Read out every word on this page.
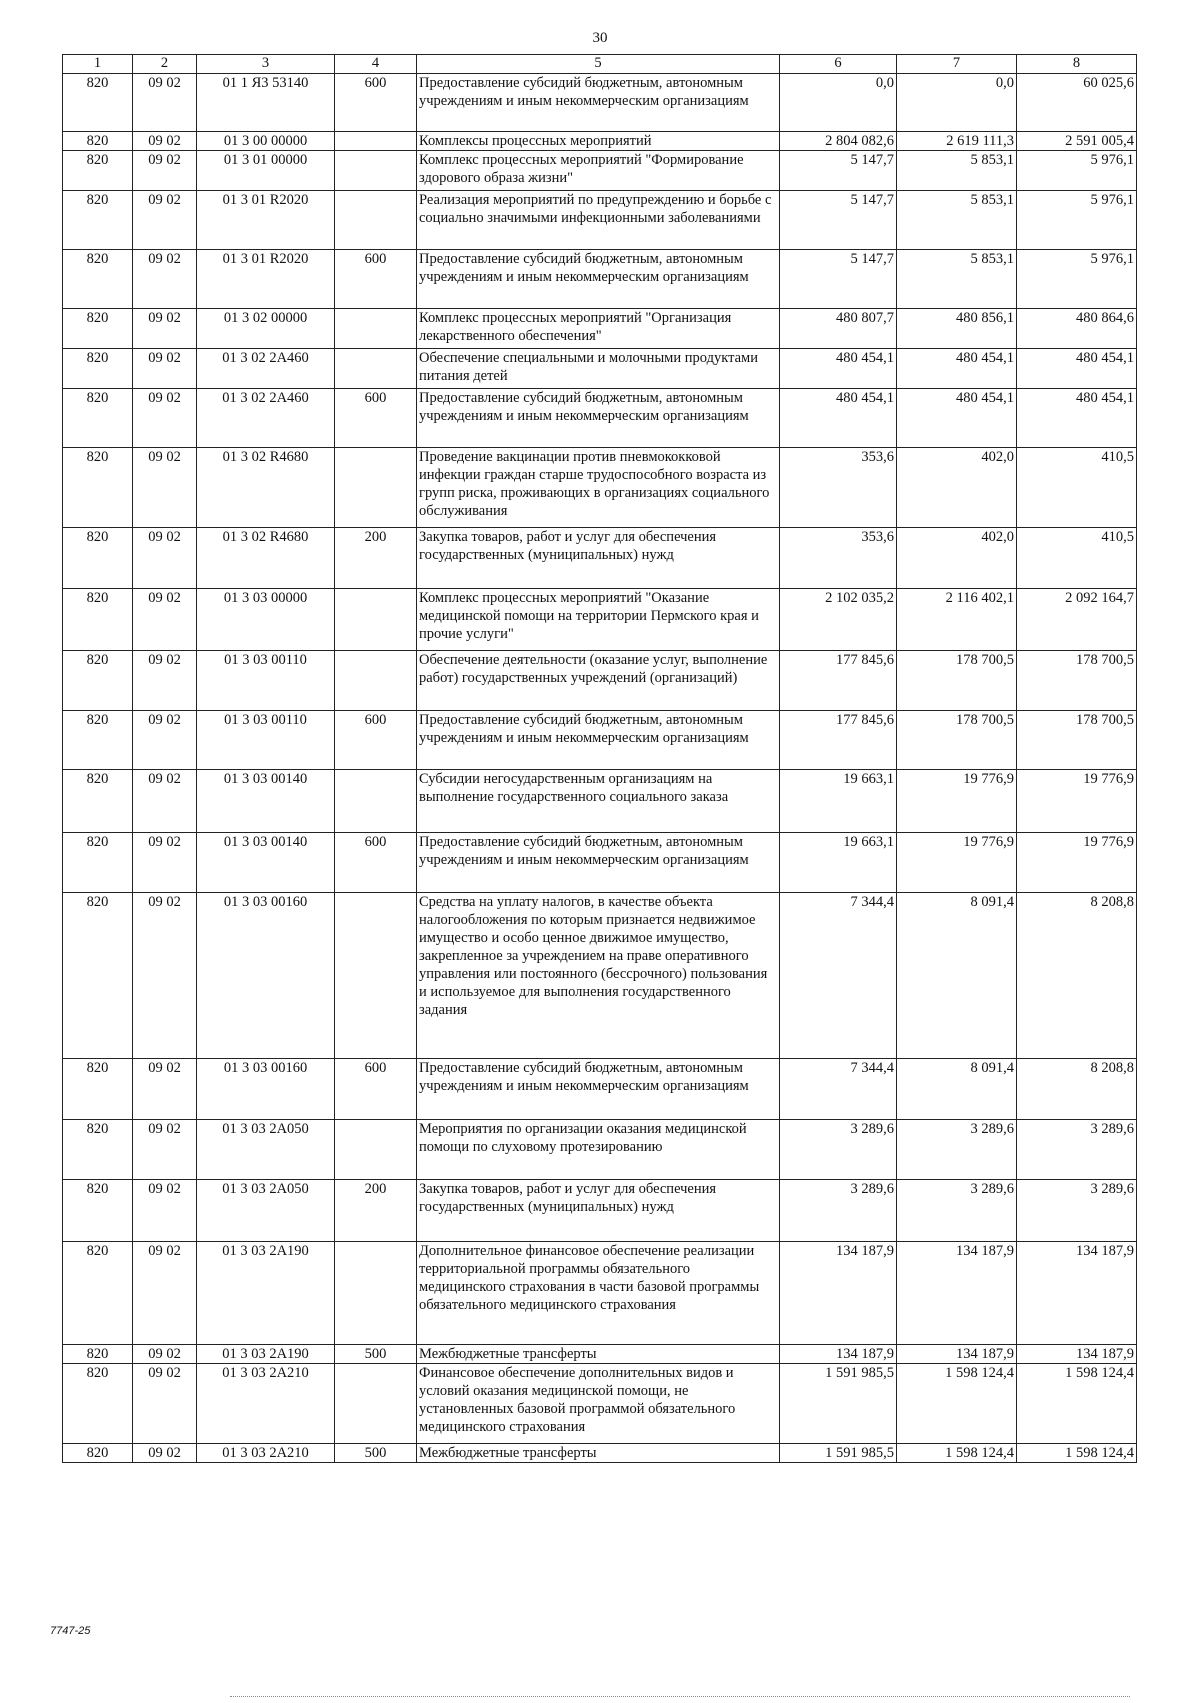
30
1	2	3	4	5	6	7	8
820	09 02	01 1 Я3 53140	600	Предоставление субсидий бюджетным, автономным учреждениям и иным некоммерческим организациям	0,0	0,0	60 025,6
820	09 02	01 3 00 00000		Комплексы процессных мероприятий	2 804 082,6	2 619 111,3	2 591 005,4
820	09 02	01 3 01 00000		Комплекс процессных мероприятий "Формирование здорового образа жизни"	5 147,7	5 853,1	5 976,1
820	09 02	01 3 01 R2020		Реализация мероприятий по предупреждению и борьбе с социально значимыми инфекционными заболеваниями	5 147,7	5 853,1	5 976,1
820	09 02	01 3 01 R2020	600	Предоставление субсидий бюджетным, автономным учреждениям и иным некоммерческим организациям	5 147,7	5 853,1	5 976,1
820	09 02	01 3 02 00000		Комплекс процессных мероприятий "Организация лекарственного обеспечения"	480 807,7	480 856,1	480 864,6
820	09 02	01 3 02 2А460		Обеспечение специальными и молочными продуктами питания детей	480 454,1	480 454,1	480 454,1
820	09 02	01 3 02 2А460	600	Предоставление субсидий бюджетным, автономным учреждениям и иным некоммерческим организациям	480 454,1	480 454,1	480 454,1
820	09 02	01 3 02 R4680		Проведение вакцинации против пневмококковой инфекции граждан старше трудоспособного возраста из групп риска, проживающих в организациях социального обслуживания	353,6	402,0	410,5
820	09 02	01 3 02 R4680	200	Закупка товаров, работ и услуг для обеспечения государственных (муниципальных) нужд	353,6	402,0	410,5
820	09 02	01 3 03 00000		Комплекс процессных мероприятий "Оказание медицинской помощи на территории Пермского края и прочие услуги"	2 102 035,2	2 116 402,1	2 092 164,7
820	09 02	01 3 03 00110		Обеспечение деятельности (оказание услуг, выполнение работ) государственных учреждений (организаций)	177 845,6	178 700,5	178 700,5
820	09 02	01 3 03 00110	600	Предоставление субсидий бюджетным, автономным учреждениям и иным некоммерческим организациям	177 845,6	178 700,5	178 700,5
820	09 02	01 3 03 00140		Субсидии негосударственным организациям на выполнение государственного социального заказа	19 663,1	19 776,9	19 776,9
820	09 02	01 3 03 00140	600	Предоставление субсидий бюджетным, автономным учреждениям и иным некоммерческим организациям	19 663,1	19 776,9	19 776,9
820	09 02	01 3 03 00160		Средства на уплату налогов, в качестве объекта налогообложения по которым признается недвижимое имущество и особо ценное движимое имущество, закрепленное за учреждением на праве оперативного управления или постоянного (бессрочного) пользования и используемое для выполнения государственного задания	7 344,4	8 091,4	8 208,8
820	09 02	01 3 03 00160	600	Предоставление субсидий бюджетным, автономным учреждениям и иным некоммерческим организациям	7 344,4	8 091,4	8 208,8
820	09 02	01 3 03 2А050		Мероприятия по организации оказания медицинской помощи по слуховому протезированию	3 289,6	3 289,6	3 289,6
820	09 02	01 3 03 2А050	200	Закупка товаров, работ и услуг для обеспечения государственных (муниципальных) нужд	3 289,6	3 289,6	3 289,6
820	09 02	01 3 03 2А190		Дополнительное финансовое обеспечение реализации территориальной программы обязательного медицинского страхования в части базовой программы обязательного медицинского страхования	134 187,9	134 187,9	134 187,9
820	09 02	01 3 03 2А190	500	Межбюджетные трансферты	134 187,9	134 187,9	134 187,9
820	09 02	01 3 03 2А210		Финансовое обеспечение дополнительных видов и условий оказания медицинской помощи, не установленных базовой программой обязательного медицинского страхования	1 591 985,5	1 598 124,4	1 598 124,4
820	09 02	01 3 03 2А210	500	Межбюджетные трансферты	1 591 985,5	1 598 124,4	1 598 124,4
7747-25
